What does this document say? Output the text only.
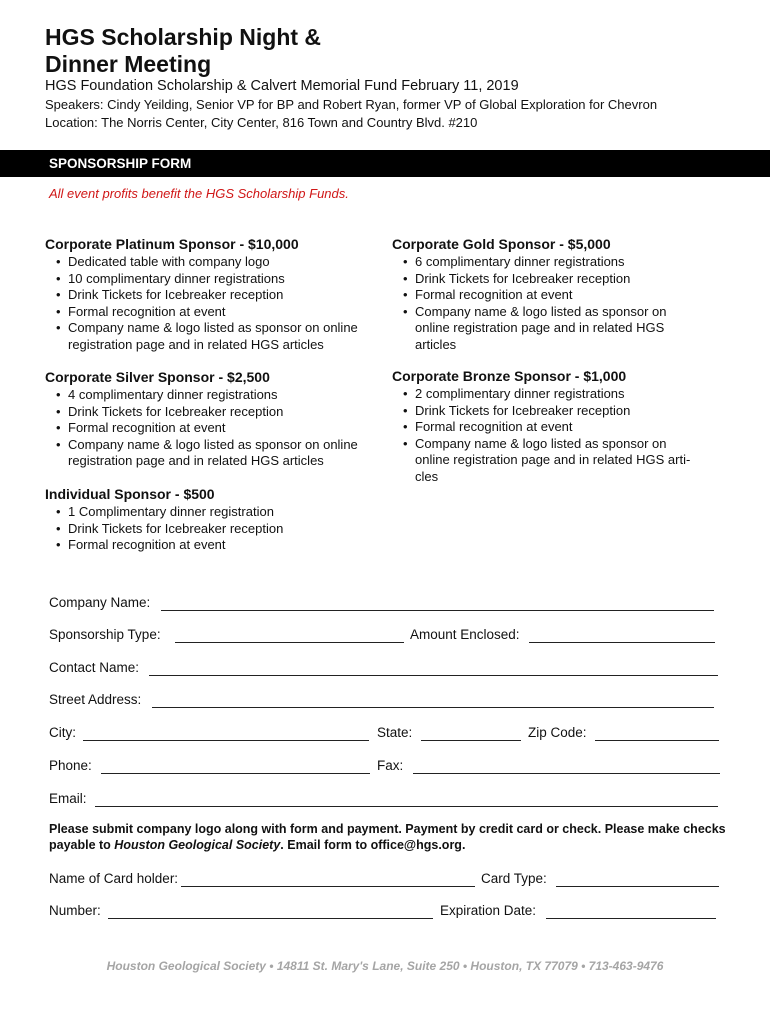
HGS Scholarship Night &
Dinner Meeting

HGS Foundation Scholarship & Calvert Memorial Fund February 11, 2019

Speakers: Cindy Yeilding, Senior VP for BP and Robert Ryan, former VP of Global Exploration for Chevron

Location: The Norris Center, City Center, 816 Town and Country Blvd. #210

SPONSORSHIP FORM

All event profits benefit the HGS Scholarship Funds.

Corporate Platinum Sponsor - $10,000
• Dedicated table with company logo
• 10 complimentary dinner registrations
• Drink Tickets for Icebreaker reception
• Formal recognition at event
• Company name & logo listed as sponsor on online registration page and in related HGS articles
Corporate Gold Sponsor - $5,000
• 6 complimentary dinner registrations
• Drink Tickets for Icebreaker reception
• Formal recognition at event
• Company name & logo listed as sponsor on online registration page and in related HGS articles
Corporate Silver Sponsor - $2,500
• 4 complimentary dinner registrations
• Drink Tickets for Icebreaker reception
• Formal recognition at event
• Company name & logo listed as sponsor on online registration page and in related HGS articles
Corporate Bronze Sponsor - $1,000
• 2 complimentary dinner registrations
• Drink Tickets for Icebreaker reception
• Formal recognition at event
• Company name & logo listed as sponsor on online registration page and in related HGS arti-cles
Individual Sponsor - $500
• 1 Complimentary dinner registration
• Drink Tickets for Icebreaker reception
• Formal recognition at event
Company Name:
Sponsorship Type:	Amount Enclosed:
Contact Name:
Street Address:
City:	State:	Zip Code:
Phone:	Fax:
Email:

Please submit company logo along with form and payment. Payment by credit card or check. Please make checks payable to Houston Geological Society. Email form to office@hgs.org.

Name of Card holder:	Card Type:
Number:	Expiration Date:

Houston Geological Society • 14811 St. Mary's Lane, Suite 250 • Houston, TX 77079 • 713-463-9476
